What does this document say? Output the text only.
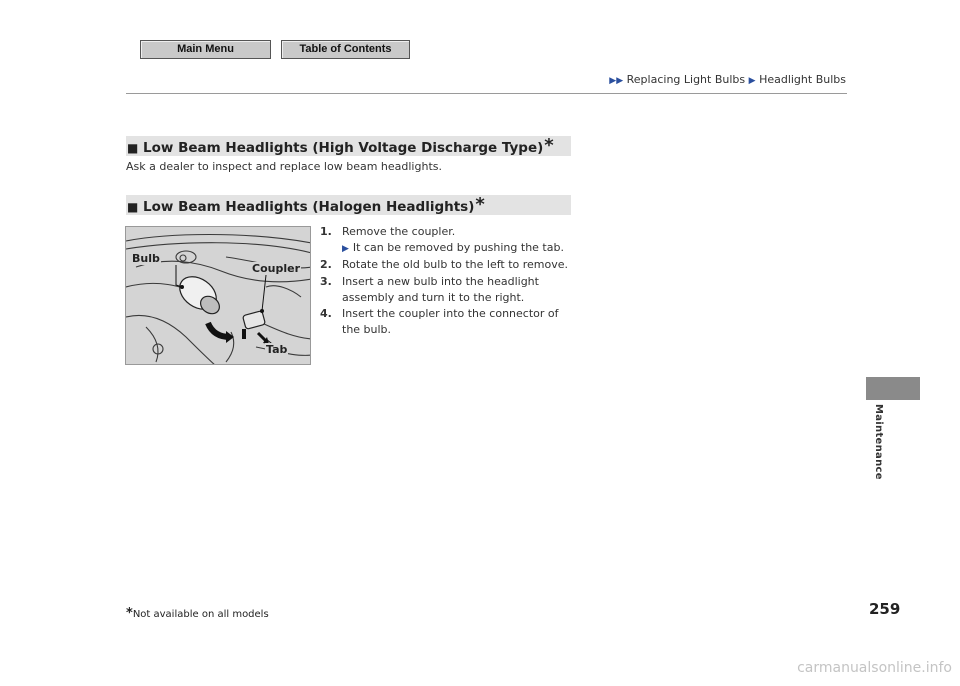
Main Menu	Table of Contents
▶▶ Replacing Light Bulbs ▶ Headlight Bulbs
■ Low Beam Headlights (High Voltage Discharge Type)*
Ask a dealer to inspect and replace low beam headlights.
■ Low Beam Headlights (Halogen Headlights)*
Bulb
Coupler
Tab
1. Remove the coupler.
▶ It can be removed by pushing the tab.
2. Rotate the old bulb to the left to remove.
3. Insert a new bulb into the headlight assembly and turn it to the right.
4. Insert the coupler into the connector of the bulb.
Maintenance
259
*Not available on all models
carmanualsonline.info
